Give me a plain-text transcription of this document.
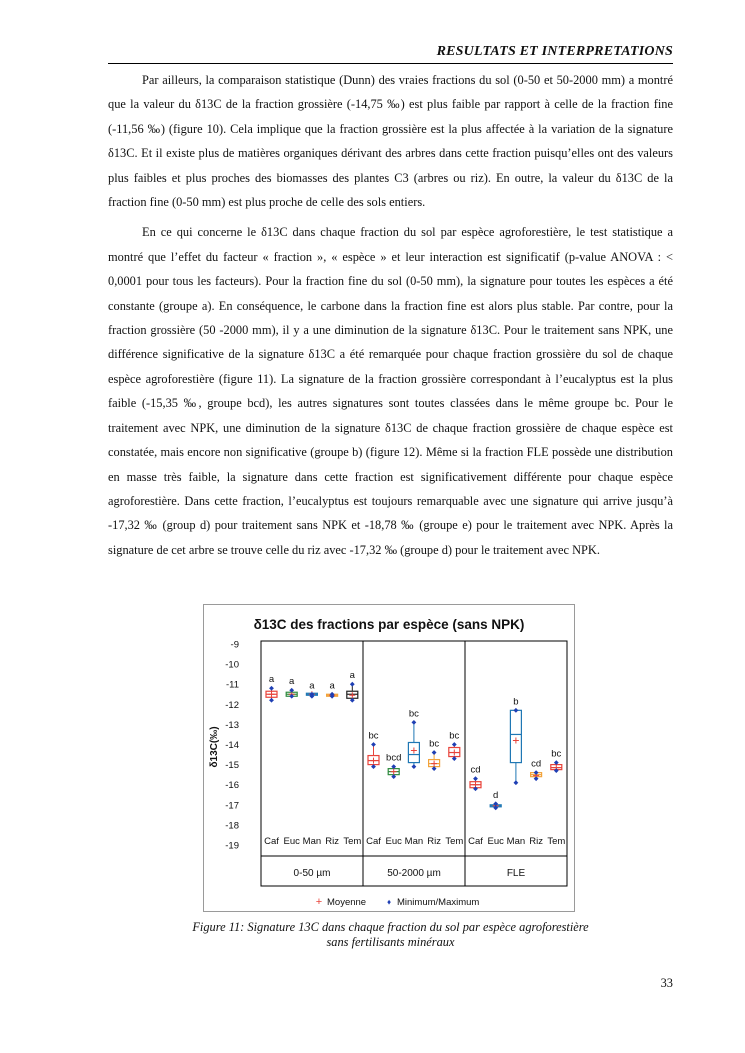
RESULTATS ET INTERPRETATIONS

Par ailleurs, la comparaison statistique (Dunn) des vraies fractions du sol (0-50 et 50-2000 mm) a montré que la valeur du δ13C de la fraction grossière (-14,75 ‰) est plus faible par rapport à celle de la fraction fine (-11,56 ‰) (figure 10). Cela implique que la fraction grossière est la plus affectée à la variation de la signature δ13C. Et il existe plus de matières organiques dérivant des arbres dans cette fraction puisqu’elles ont des valeurs plus faibles et plus proches des biomasses des plantes C3 (arbres ou riz). En outre, la valeur du δ13C de la fraction fine (0-50 mm) est plus proche de celle des sols entiers.

En ce qui concerne le δ13C dans chaque fraction du sol par espèce agroforestière, le test statistique a montré que l’effet du facteur « fraction », « espèce » et leur interaction est significatif (p-value ANOVA : < 0,0001 pour tous les facteurs). Pour la fraction fine du sol (0-50 mm), la signature pour toutes les espèces a été constante (groupe a). En conséquence, le carbone dans la fraction fine est alors plus stable. Par contre, pour la fraction grossière (50 -2000 mm), il y a une diminution de la signature δ13C. Pour le traitement sans NPK, une différence significative de la signature δ13C a été remarquée pour chaque fraction grossière du sol de chaque espèce agroforestière (figure 11). La signature de la fraction grossière correspondant à l’eucalyptus est la plus faible (-15,35 ‰, groupe bcd), les autres signatures sont toutes classées dans le même groupe bc. Pour le traitement avec NPK, une diminution de la signature δ13C de chaque fraction grossière de chaque espèce est constatée, mais encore non significative (groupe b) (figure 12). Même si la fraction FLE possède une distribution en masse très faible, la signature dans cette fraction est significativement différente pour chaque espèce agroforestière. Dans cette fraction, l’eucalyptus est toujours remarquable avec une signature qui arrive jusqu’à -17,32 ‰ (group d) pour traitement sans NPK et -18,78 ‰ (groupe e) pour le traitement avec NPK. Après la signature de cet arbre se trouve celle du riz avec -17,32 ‰ (groupe d) pour le traitement avec NPK.

δ13C des fractions par espèce (sans NPK)
δ13C(‰)
-9
-10
-11
-12
-13
-14
-15
-16
-17
-18
-19
0-50 µm
Caf Euc Man Riz Tem
50-2000 µm
Caf Euc Man Riz Tem
FLE
Caf Euc Man Riz Tem
a a a a
a
bc
bcd
bc
bc
bc
cd
d
b
cd
bc
+ Moyenne	♦ Minimum/Maximum
Figure 11: Signature 13C dans chaque fraction du sol par espèce agroforestière
sans fertilisants minéraux
33
